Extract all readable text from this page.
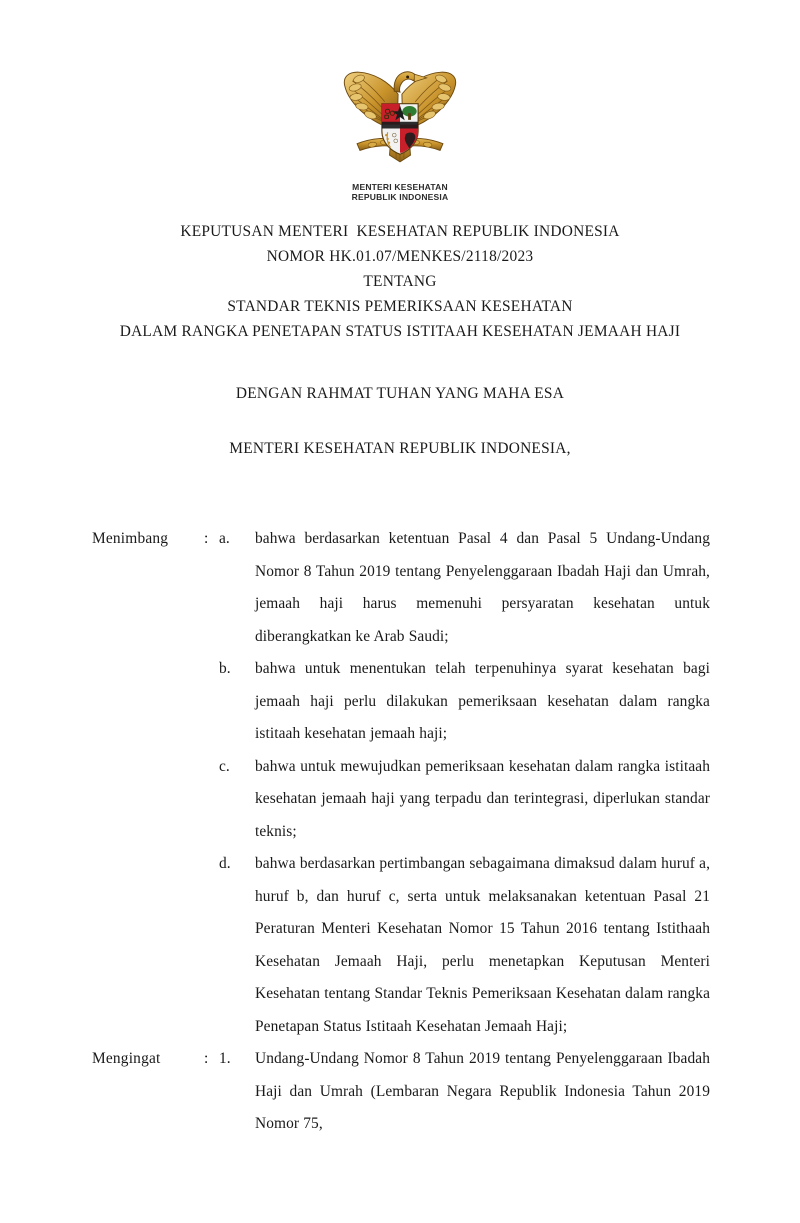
MENTERI KESEHATAN
REPUBLIK INDONESIA
KEPUTUSAN MENTERI  KESEHATAN REPUBLIK INDONESIA
NOMOR HK.01.07/MENKES/2118/2023
TENTANG
STANDAR TEKNIS PEMERIKSAAN KESEHATAN
DALAM RANGKA PENETAPAN STATUS ISTITAAH KESEHATAN JEMAAH HAJI
DENGAN RAHMAT TUHAN YANG MAHA ESA
MENTERI KESEHATAN REPUBLIK INDONESIA,
Menimbang	: a.	bahwa berdasarkan ketentuan Pasal 4 dan Pasal 5 Undang-Undang Nomor 8 Tahun 2019 tentang Penyelenggaraan Ibadah Haji dan Umrah, jemaah haji harus memenuhi persyaratan kesehatan untuk diberangkatkan ke Arab Saudi;
b.	bahwa untuk menentukan telah terpenuhinya syarat kesehatan bagi jemaah haji perlu dilakukan pemeriksaan kesehatan dalam rangka istitaah kesehatan jemaah haji;
c.	bahwa untuk mewujudkan pemeriksaan kesehatan dalam rangka istitaah kesehatan jemaah haji yang terpadu dan terintegrasi, diperlukan standar teknis;
d.	bahwa berdasarkan pertimbangan sebagaimana dimaksud dalam huruf a, huruf b, dan huruf c, serta untuk melaksanakan ketentuan Pasal 21 Peraturan Menteri Kesehatan Nomor 15 Tahun 2016 tentang Istithaah Kesehatan Jemaah Haji, perlu menetapkan Keputusan Menteri Kesehatan tentang Standar Teknis Pemeriksaan Kesehatan dalam rangka Penetapan Status Istitaah Kesehatan Jemaah Haji;
Mengingat	: 1.	Undang-Undang Nomor 8 Tahun 2019 tentang Penyelenggaraan Ibadah Haji dan Umrah (Lembaran Negara Republik Indonesia Tahun 2019 Nomor 75,
